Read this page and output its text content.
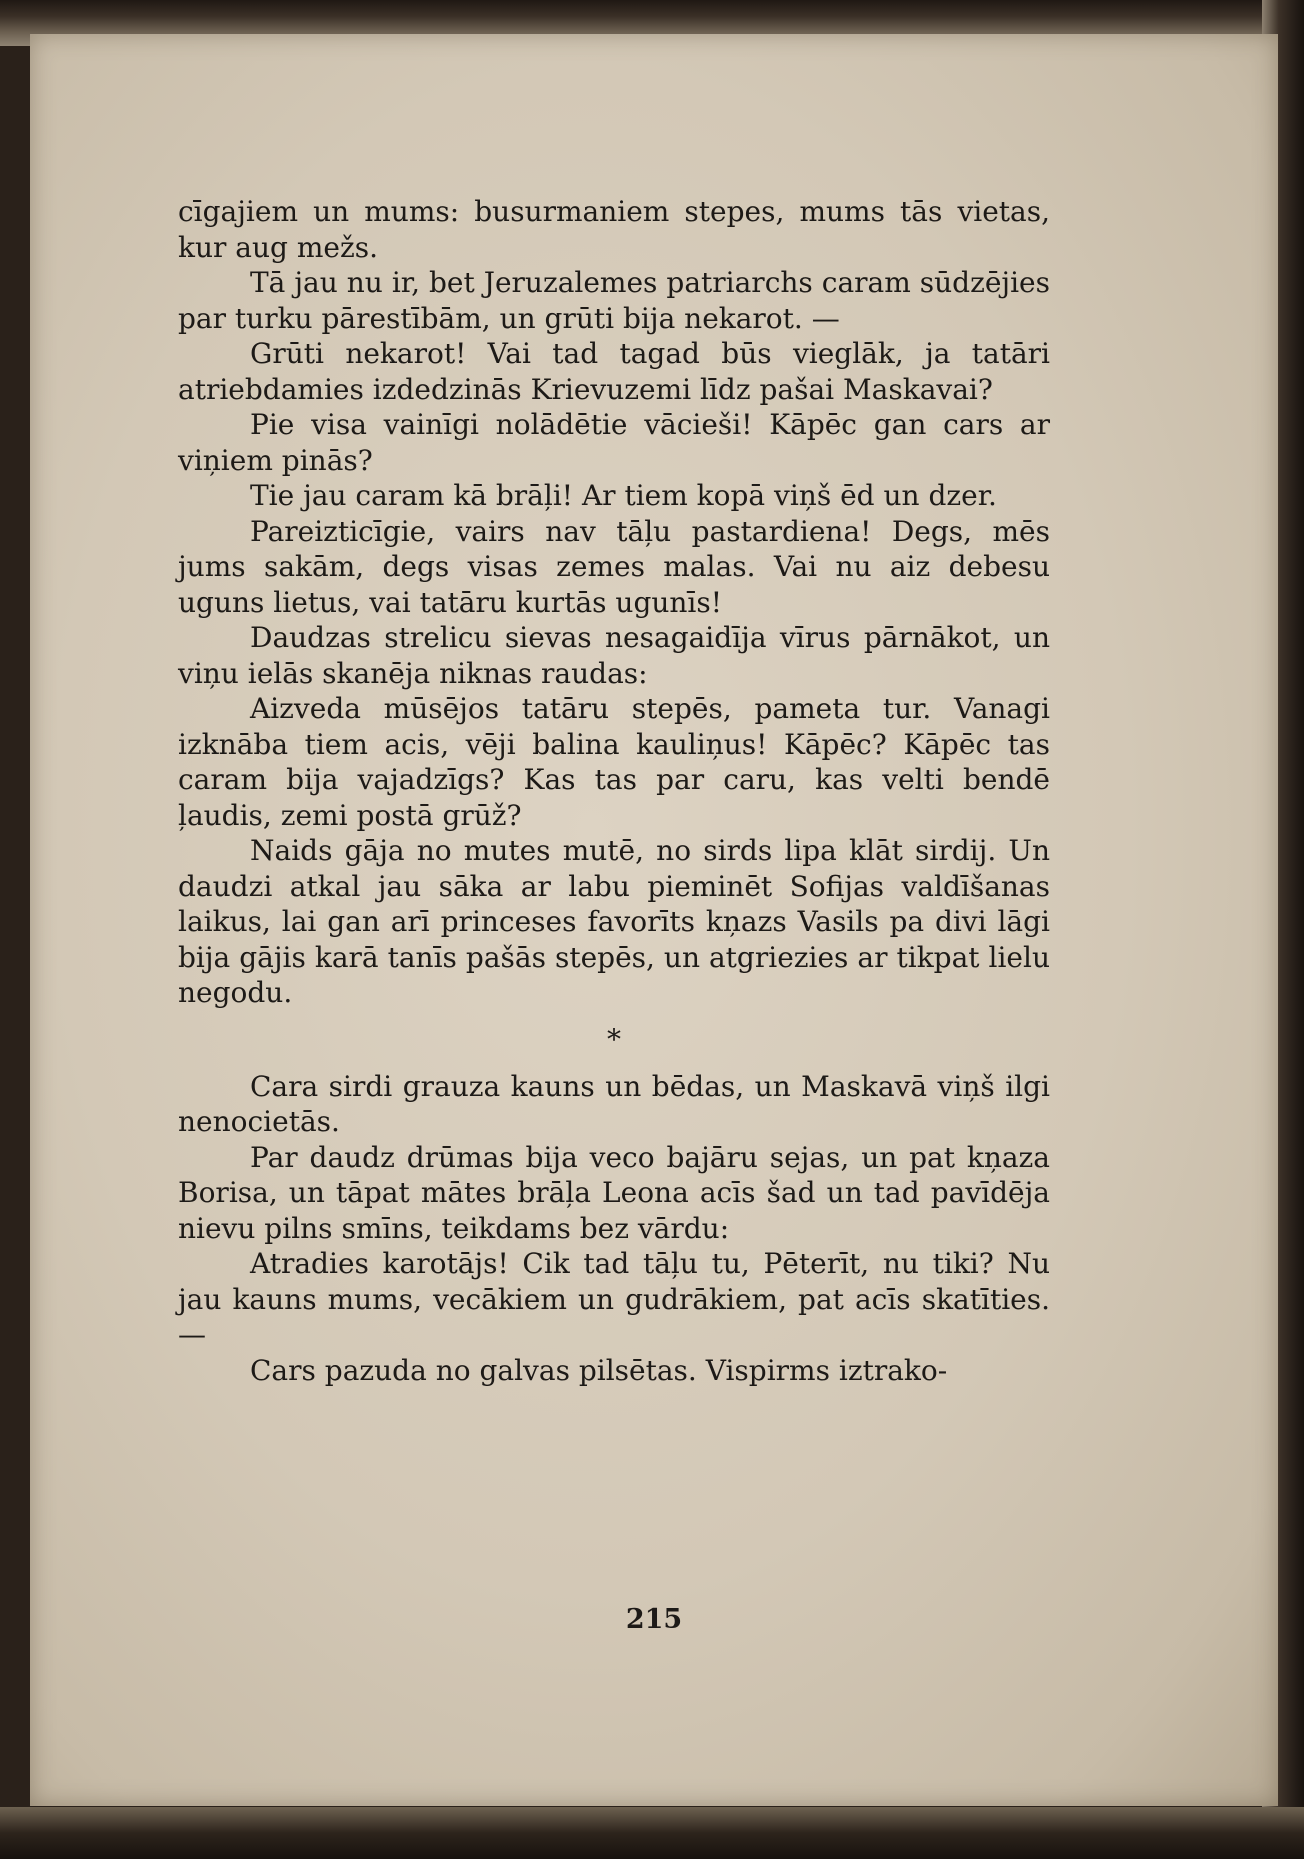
cīgajiem un mums: busurmaniem stepes, mums tās vietas, kur aug mežs.

Tā jau nu ir, bet Jeruzalemes patriarchs caram sūdzējies par turku pārestībām, un grūti bija nekarot. —

Grūti nekarot! Vai tad tagad būs vieglāk, ja tatāri atriebdamies izdedzinās Krievuzemi līdz pašai Maskavai?

Pie visa vainīgi nolādētie vācieši! Kāpēc gan cars ar viņiem pinās?

Tie jau caram kā brāļi! Ar tiem kopā viņš ēd un dzer.

Pareizticīgie, vairs nav tāļu pastardiena! Degs, mēs jums sakām, degs visas zemes malas. Vai nu aiz debesu uguns lietus, vai tatāru kurtās ugunīs!

Daudzas strelicu sievas nesagaidīja vīrus pārnākot, un viņu ielās skanēja niknas raudas:

Aizveda mūsējos tatāru stepēs, pameta tur. Vanagi izknāba tiem acis, vēji balina kauliņus! Kāpēc? Kāpēc tas caram bija vajadzīgs? Kas tas par caru, kas velti bendē ļaudis, zemi postā grūž?

Naids gāja no mutes mutē, no sirds lipa klāt sirdij. Un daudzi atkal jau sāka ar labu pieminēt Sofijas valdīšanas laikus, lai gan arī princeses favorīts kņazs Vasils pa divi lāgi bija gājis karā tanīs pašās stepēs, un atgriezies ar tikpat lielu negodu.

*

Cara sirdi grauza kauns un bēdas, un Maskavā viņš ilgi nenocietās.

Par daudz drūmas bija veco bajāru sejas, un pat kņaza Borisa, un tāpat mātes brāļa Leona acīs šad un tad pavīdēja nievu pilns smīns, teikdams bez vārdu:

Atradies karotājs! Cik tad tāļu tu, Pēterīt, nu tiki? Nu jau kauns mums, vecākiem un gudrākiem, pat acīs skatīties. —

Cars pazuda no galvas pilsētas. Vispirms iztrako-

215
